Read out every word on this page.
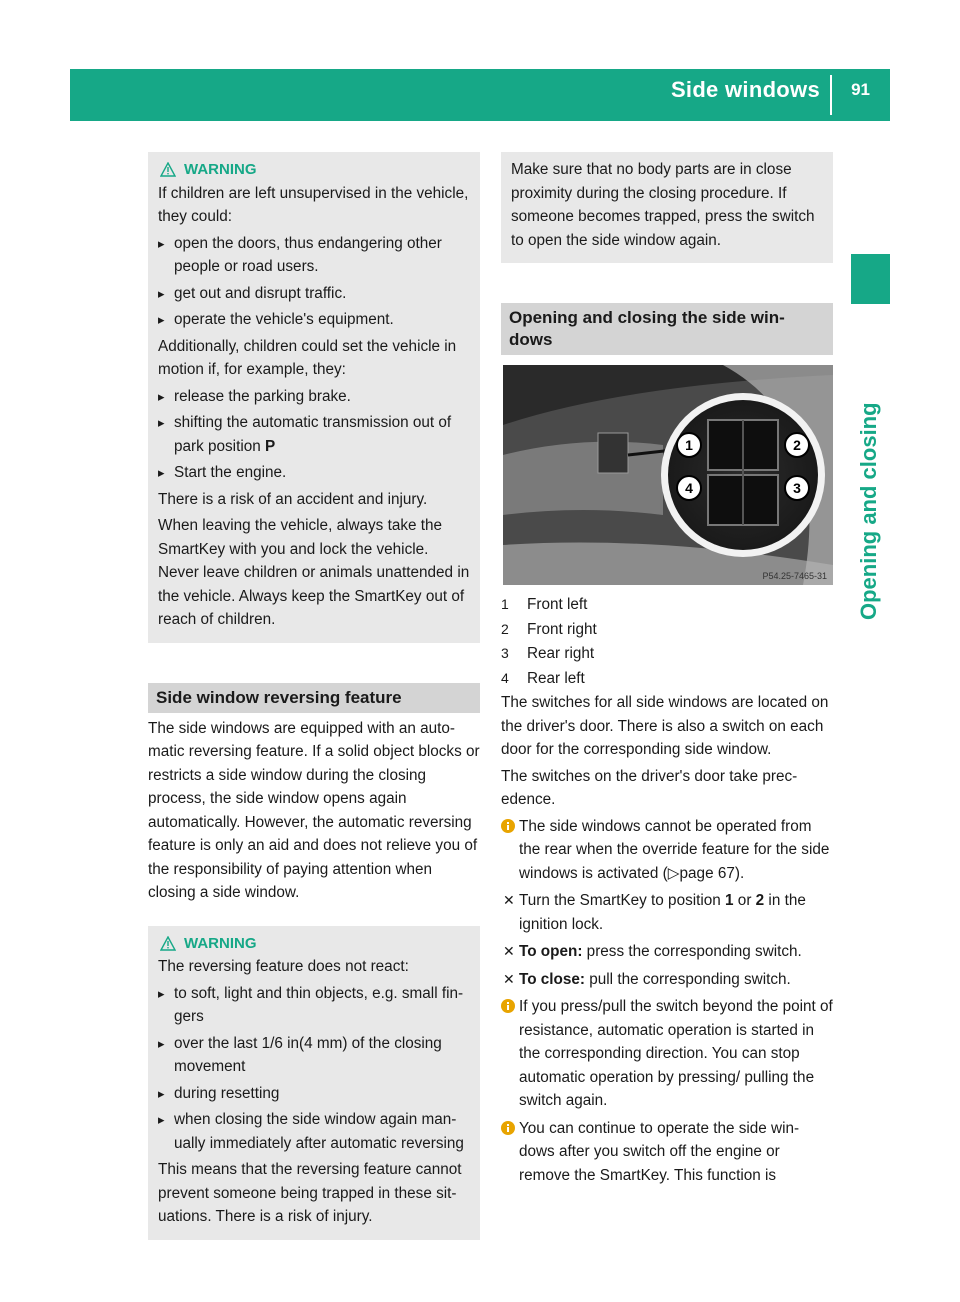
Side windows 91
Opening and closing
WARNING

If children are left unsupervised in the vehicle, they could:

▸ open the doors, thus endangering other people or road users.
▸ get out and disrupt traffic.
▸ operate the vehicle's equipment.

Additionally, children could set the vehicle in motion if, for example, they:

▸ release the parking brake.
▸ shifting the automatic transmission out of park position P
▸ Start the engine.

There is a risk of an accident and injury.

When leaving the vehicle, always take the SmartKey with you and lock the vehicle. Never leave children or animals unattended in the vehicle. Always keep the SmartKey out of reach of children.

Side window reversing feature

The side windows are equipped with an auto-matic reversing feature. If a solid object blocks or restricts a side window during the closing process, the side window opens again automatically. However, the automatic reversing feature is only an aid and does not relieve you of the responsibility of paying attention when closing a side window.

WARNING

The reversing feature does not react:

▸ to soft, light and thin objects, e.g. small fin-gers
▸ over the last 1/6 in(4 mm) of the closing movement
▸ during resetting
▸ when closing the side window again man-ually immediately after automatic reversing

This means that the reversing feature cannot prevent someone being trapped in these sit-uations. There is a risk of injury.

Make sure that no body parts are in close proximity during the closing procedure. If someone becomes trapped, press the switch to open the side window again.

Opening and closing the side win-dows
1	2
3
4
P54.25-7465-31
1	Front left
2	Front right
3	Rear right
4	Rear left

The switches for all side windows are located on the driver's door. There is also a switch on each door for the corresponding side window.

The switches on the driver's door take prec-edence.

The side windows cannot be operated from the rear when the override feature for the side windows is activated (▷page 67).
✕ Turn the SmartKey to position 1 or 2 in the ignition lock.
✕ To open: press the corresponding switch.
✕ To close: pull the corresponding switch.
If you press/pull the switch beyond the point of resistance, automatic operation is started in the corresponding direction. You can stop automatic operation by pressing/ pulling the switch again.
You can continue to operate the side win-dows after you switch off the engine or remove the SmartKey. This function is
